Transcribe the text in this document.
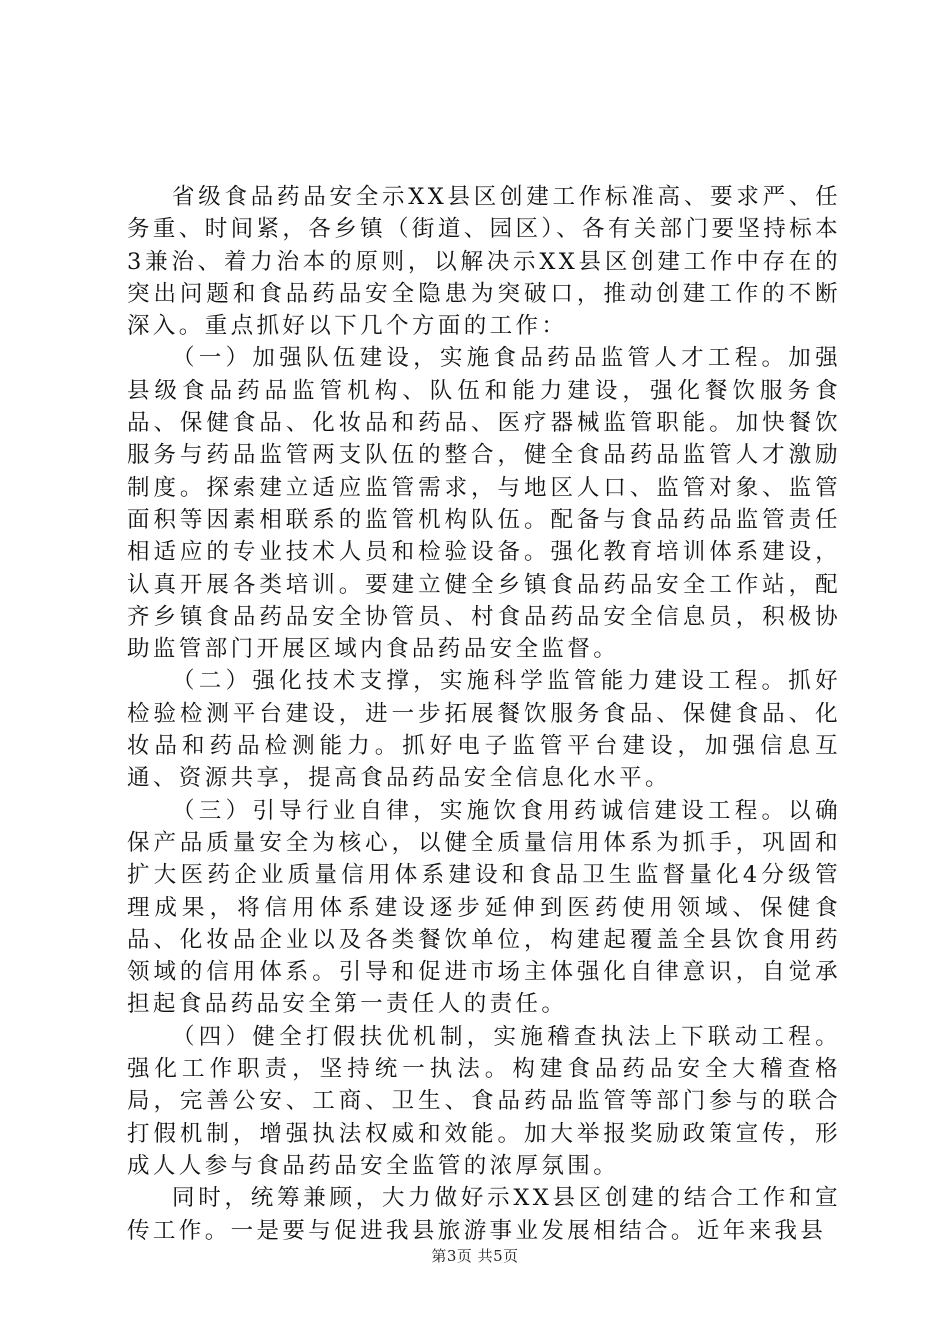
省级食品药品安全示XX县区创建工作标准高、要求严、任务重、时间紧，各乡镇（街道、园区）、各有关部门要坚持标本3兼治、着力治本的原则，以解决示XX县区创建工作中存在的突出问题和食品药品安全隐患为突破口，推动创建工作的不断深入。重点抓好以下几个方面的工作：

（一）加强队伍建设，实施食品药品监管人才工程。加强县级食品药品监管机构、队伍和能力建设，强化餐饮服务食品、保健食品、化妆品和药品、医疗器械监管职能。加快餐饮服务与药品监管两支队伍的整合，健全食品药品监管人才激励制度。探索建立适应监管需求，与地区人口、监管对象、监管面积等因素相联系的监管机构队伍。配备与食品药品监管责任相适应的专业技术人员和检验设备。强化教育培训体系建设，认真开展各类培训。要建立健全乡镇食品药品安全工作站，配齐乡镇食品药品安全协管员、村食品药品安全信息员，积极协助监管部门开展区域内食品药品安全监督。

（二）强化技术支撑，实施科学监管能力建设工程。抓好检验检测平台建设，进一步拓展餐饮服务食品、保健食品、化妆品和药品检测能力。抓好电子监管平台建设，加强信息互通、资源共享，提高食品药品安全信息化水平。

（三）引导行业自律，实施饮食用药诚信建设工程。以确保产品质量安全为核心，以健全质量信用体系为抓手，巩固和扩大医药企业质量信用体系建设和食品卫生监督量化4分级管理成果，将信用体系建设逐步延伸到医药使用领域、保健食品、化妆品企业以及各类餐饮单位，构建起覆盖全县饮食用药领域的信用体系。引导和促进市场主体强化自律意识，自觉承担起食品药品安全第一责任人的责任。

（四）健全打假扶优机制，实施稽查执法上下联动工程。强化工作职责，坚持统一执法。构建食品药品安全大稽查格局，完善公安、工商、卫生、食品药品监管等部门参与的联合打假机制，增强执法权威和效能。加大举报奖励政策宣传，形成人人参与食品药品安全监管的浓厚氛围。

同时，统筹兼顾，大力做好示XX县区创建的结合工作和宣传工作。一是要与促进我县旅游事业发展相结合。近年来我县

第3页 共5页
